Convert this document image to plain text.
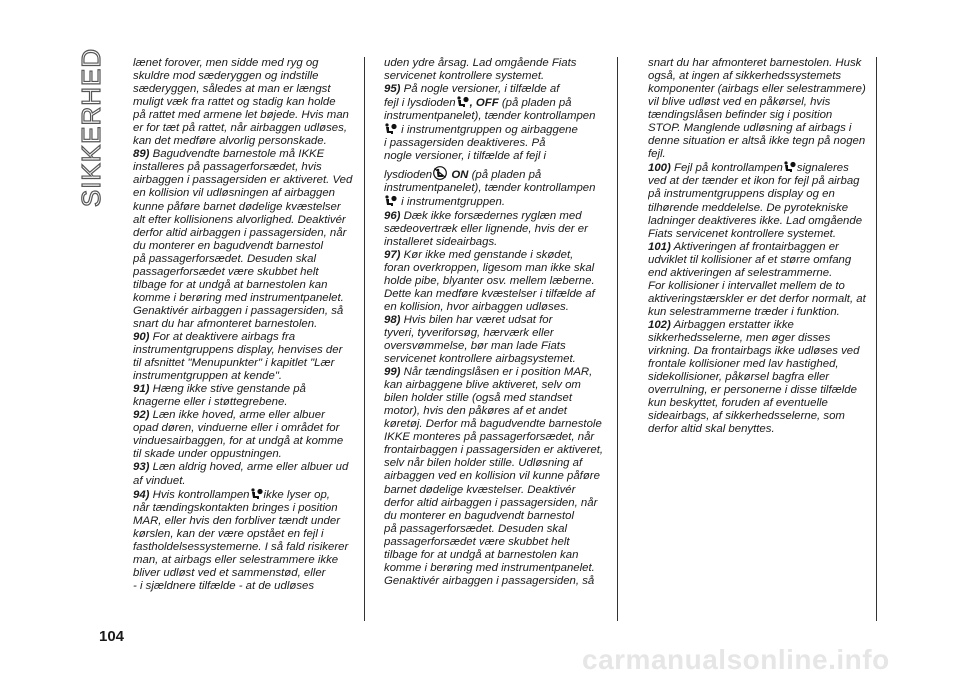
SIKKERHED lænet forover, men sidde med ryg og
skuldre mod sæderyggen og indstille
sæderyggen, således at man er længst
muligt væk fra rattet og stadig kan holde
på rattet med armene let bøjede. Hvis man
er for tæt på rattet, når airbaggen udløses,
kan det medføre alvorlig personskade.
89) Bagudvendte barnestole må IKKE
installeres på passagerforsædet, hvis
airbaggen i passagersiden er aktiveret. Ved
en kollision vil udløsningen af airbaggen
kunne påføre barnet dødelige kvæstelser
alt efter kollisionens alvorlighed. Deaktivér
derfor altid airbaggen i passagersiden, når
du monterer en bagudvendt barnestol
på passagerforsædet. Desuden skal
passagerforsædet være skubbet helt
tilbage for at undgå at barnestolen kan
komme i berøring med instrumentpanelet.
Genaktivér airbaggen i passagersiden, så
snart du har afmonteret barnestolen.
90) For at deaktivere airbags fra
instrumentgruppens display, henvises der
til afsnittet "Menupunkter" i kapitlet "Lær
instrumentgruppen at kende".
91) Hæng ikke stive genstande på
knagerne eller i støttegrebene.
92) Læn ikke hoved, arme eller albuer
opad døren, vinduerne eller i området for
vinduesairbaggen, for at undgå at komme
til skade under oppustningen.
93) Læn aldrig hoved, arme eller albuer ud
af vinduet.
94) Hvis kontrollampen ikke lyser op,
når tændingskontakten bringes i position
MAR, eller hvis den forbliver tændt under
kørslen, kan der være opstået en fejl i
fastholdelsessystemerne. I så fald risikerer
man, at airbags eller selestrammere ikke
bliver udløst ved et sammenstød, eller
- i sjældnere tilfælde - at de udløses
uden ydre årsag. Lad omgående Fiats
servicenet kontrollere systemet.
95) På nogle versioner, i tilfælde af
fejl i lysdioden , OFF (på pladen på
instrumentpanelet), tænder kontrollampen
i instrumentgruppen og airbaggene
i passagersiden deaktiveres. På
nogle versioner, i tilfælde af fejl i
lysdioden ON (på pladen på
instrumentpanelet), tænder kontrollampen
i instrumentgruppen.
96) Dæk ikke forsædernes ryglæn med
sædeovertræk eller lignende, hvis der er
installeret sideairbags.
97) Kør ikke med genstande i skødet,
foran overkroppen, ligesom man ikke skal
holde pibe, blyanter osv. mellem læberne.
Dette kan medføre kvæstelser i tilfælde af
en kollision, hvor airbaggen udløses.
98) Hvis bilen har været udsat for
tyveri, tyveriforsøg, hærværk eller
oversvømmelse, bør man lade Fiats
servicenet kontrollere airbagsystemet.
99) Når tændingslåsen er i position MAR,
kan airbaggene blive aktiveret, selv om
bilen holder stille (også med standset
motor), hvis den påkøres af et andet
køretøj. Derfor må bagudvendte barnestole
IKKE monteres på passagerforsædet, når
frontairbaggen i passagersiden er aktiveret,
selv når bilen holder stille. Udløsning af
airbaggen ved en kollision vil kunne påføre
barnet dødelige kvæstelser. Deaktivér
derfor altid airbaggen i passagersiden, når
du monterer en bagudvendt barnestol
på passagerforsædet. Desuden skal
passagerforsædet være skubbet helt
tilbage for at undgå at barnestolen kan
komme i berøring med instrumentpanelet.
Genaktivér airbaggen i passagersiden, så
snart du har afmonteret barnestolen. Husk
også, at ingen af sikkerhedssystemets
komponenter (airbags eller selestrammere)
vil blive udløst ved en påkørsel, hvis
tændingslåsen befinder sig i position
STOP. Manglende udløsning af airbags i
denne situation er altså ikke tegn på nogen
fejl.
100) Fejl på kontrollampen signaleres
ved at der tænder et ikon for fejl på airbag
på instrumentgruppens display og en
tilhørende meddelelse. De pyrotekniske
ladninger deaktiveres ikke. Lad omgående
Fiats servicenet kontrollere systemet.
101) Aktiveringen af frontairbaggen er
udviklet til kollisioner af et større omfang
end aktiveringen af selestrammerne.
For kollisioner i intervallet mellem de to
aktiveringstærskler er det derfor normalt, at
kun selestrammerne træder i funktion.
102) Airbaggen erstatter ikke
sikkerhedsselerne, men øger disses
virkning. Da frontairbags ikke udløses ved
frontale kollisioner med lav hastighed,
sidekollisioner, påkørsel bagfra eller
overrulning, er personerne i disse tilfælde
kun beskyttet, foruden af eventuelle
sideairbags, af sikkerhedsselerne, som
derfor altid skal benyttes.
104
carmanualsonline.info
